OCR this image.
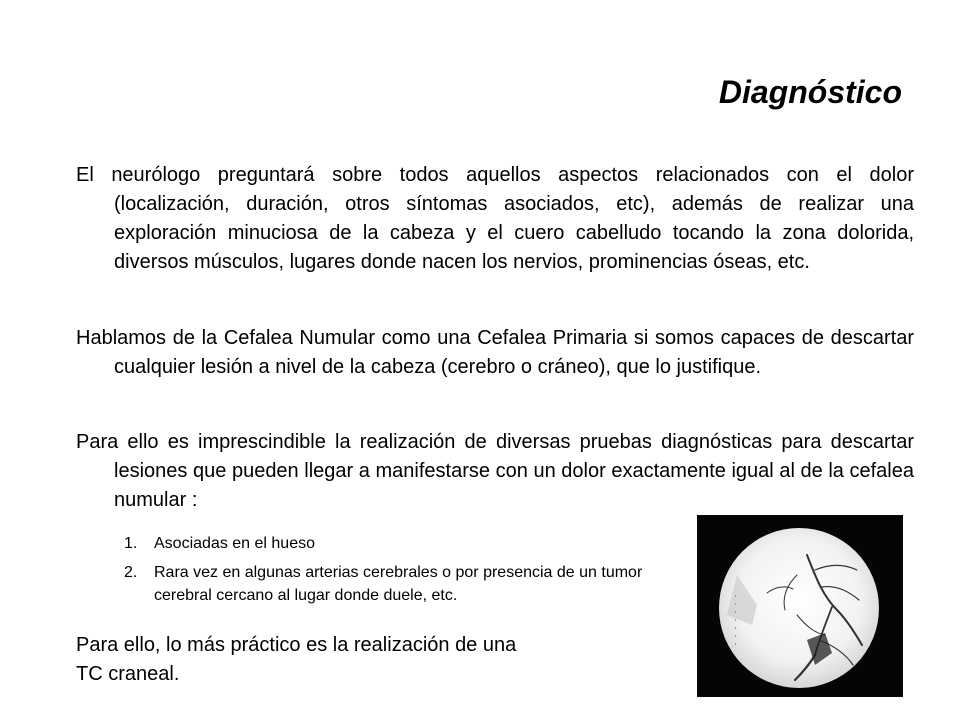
Diagnóstico

El neurólogo preguntará sobre todos aquellos aspectos relacionados con el dolor (localización, duración, otros síntomas asociados, etc), además de realizar una exploración minuciosa de la cabeza y el cuero cabelludo tocando la zona dolorida, diversos músculos, lugares donde nacen los nervios, prominencias óseas, etc.

Hablamos de la Cefalea Numular como una Cefalea Primaria si somos capaces de descartar cualquier lesión a nivel de la cabeza (cerebro o cráneo), que lo justifique.

Para ello es imprescindible la realización de diversas pruebas diagnósticas para descartar lesiones que pueden llegar a manifestarse con un dolor exactamente igual al de la cefalea numular :

1. Asociadas en el hueso
2. Rara vez en algunas arterias cerebrales o por presencia de un tumor cerebral cercano al lugar donde duele, etc.

Para ello, lo más práctico es la realización de una
TC craneal.
